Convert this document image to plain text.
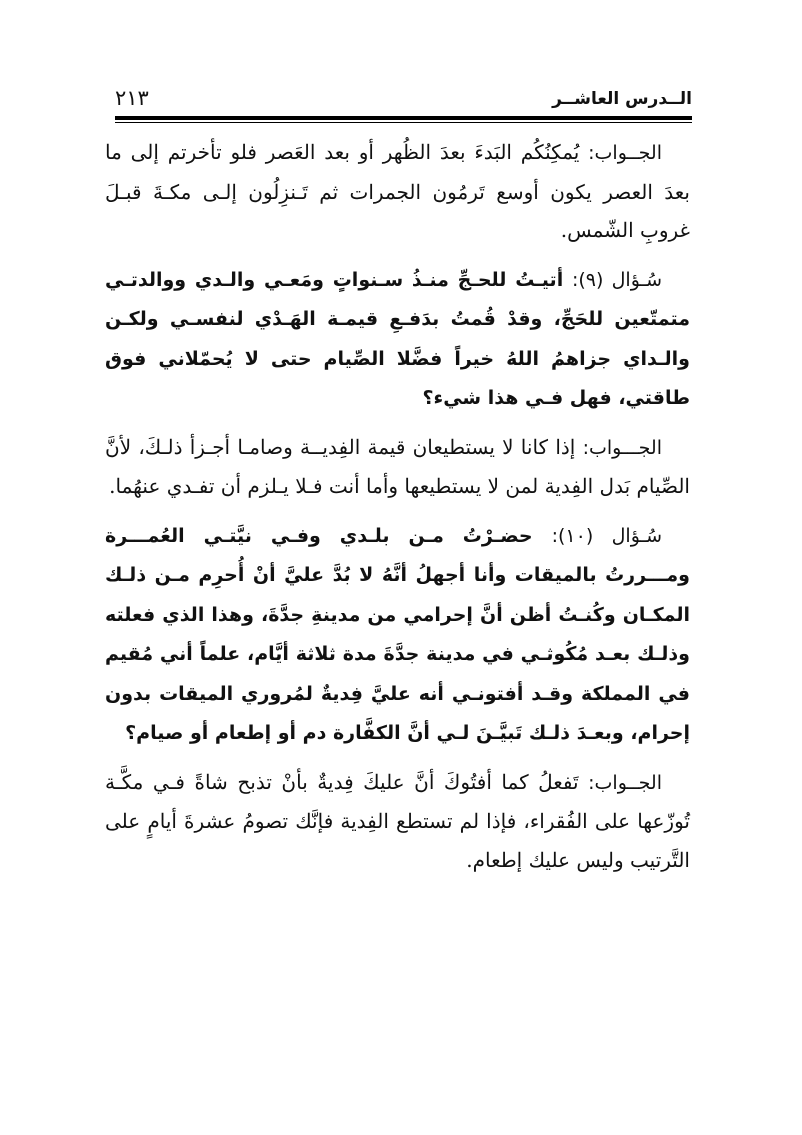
الــدرس العاشــر
٢١٣

الجــواب: يُمكِنُكُم البَدءَ بعدَ الظُهر أو بعد العَصر فلو تأخرتم إلى ما بعدَ العصر يكون أوسع تَرمُون الجمرات ثم تَـنزِلُون إلـى مكـةَ قبـلَ غروبِ الشّمس.

سُـؤال (٩): أتيـتُ للحـجِّ منـذُ سـنواتٍ ومَعـي والـدي ووالدتـي متمتّعين للحَجِّ، وقدْ قُمتُ بدَفـعِ قيمـة الهَـدْي لنفسـي ولكـن والـداي جزاهمُ اللهُ خيراً فضَّلا الصِّيام حتى لا يُحمّلاني فوق طاقتي، فهل فـي هذا شيء؟

الجـــواب: إذا كانا لا يستطيعان قيمة الفِديــة وصامـا أجـزأ ذلـكَ، لأنَّ الصِّيام بَدل الفِدية لمن لا يستطيعها وأما أنت فـلا يـلزم أن تفـدي عنهُما.

سُـؤال (١٠): حضـرْتُ مـن بلـدي وفـي نيَّتـي العُمـــرة ومـــررتُ بالميقات وأنا أجهلُ أنَّهُ لا بُدَّ عليَّ أنْ أُحرِم مـن ذلـك المكـان وكُنـتُ أظن أنَّ إحرامي من مدينةِ جدَّةَ، وهذا الذي فعلته وذلـك بعـد مُكُوثـي في مدينة جدَّةَ مدة ثلاثة أيَّام، علماً أني مُقيم في المملكة وقـد أفتونـي أنه عليَّ فِديةٌ لمُروري الميقات بدون إحرام، وبعـدَ ذلـك تَبيَّـنَ لـي أنَّ الكفَّارة دم أو إطعام أو صيام؟

الجــواب: تَفعلُ كما أفتُوكَ أنَّ عليكَ فِديةٌ بأنْ تذبح شاةً فـي مكَّـة تُوزّعها على الفُقراء، فإذا لم تستطع الفِدية فإنَّك تصومُ عشرةَ أيامٍ على التَّرتيب وليس عليك إطعام.
